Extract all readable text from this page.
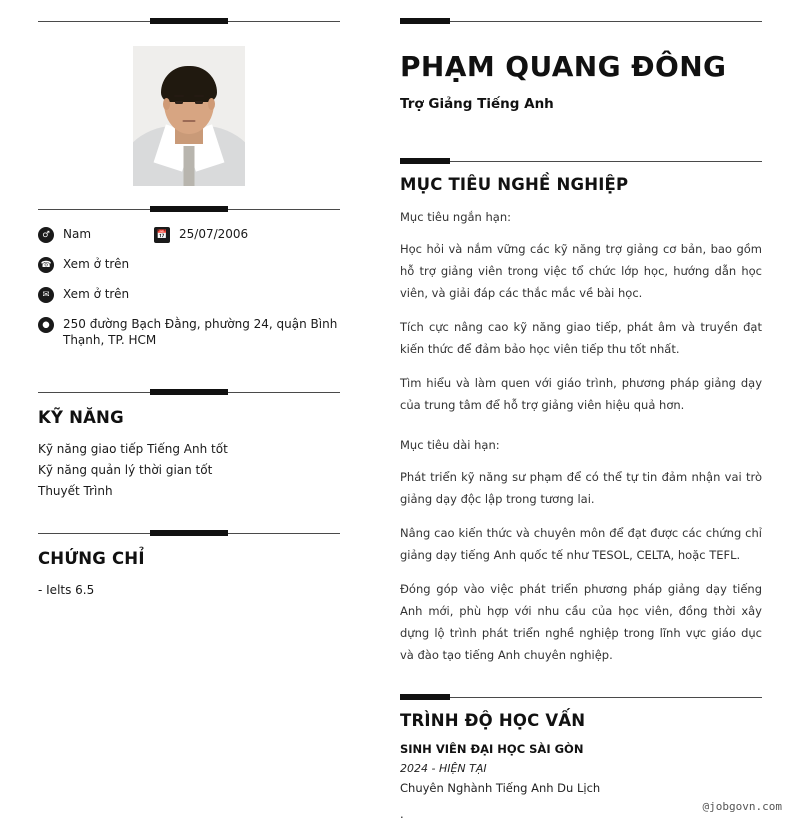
♂	Nam	📅 25/07/2006
☎ Xem ở trên
✉	Xem ở trên
●	250 đường Bạch Đằng, phường 24, quận Bình Thạnh, TP. HCM
KỸ NĂNG
Kỹ năng giao tiếp Tiếng Anh tốt
Kỹ năng quản lý thời gian tốt
Thuyết Trình
CHỨNG CHỈ
- Ielts 6.5
PHẠM QUANG ĐÔNG
Trợ Giảng Tiếng Anh
MỤC TIÊU NGHỀ NGHIỆP
Mục tiêu ngắn hạn:

Học hỏi và nắm vững các kỹ năng trợ giảng cơ bản, bao gồm hỗ trợ giảng viên trong việc tổ chức lớp học, hướng dẫn học viên, và giải đáp các thắc mắc về bài học.

Tích cực nâng cao kỹ năng giao tiếp, phát âm và truyền đạt kiến thức để đảm bảo học viên tiếp thu tốt nhất.

Tìm hiểu và làm quen với giáo trình, phương pháp giảng dạy của trung tâm để hỗ trợ giảng viên hiệu quả hơn.

Mục tiêu dài hạn:

Phát triển kỹ năng sư phạm để có thể tự tin đảm nhận vai trò giảng dạy độc lập trong tương lai.

Nâng cao kiến thức và chuyên môn để đạt được các chứng chỉ giảng dạy tiếng Anh quốc tế như TESOL, CELTA, hoặc TEFL.

Đóng góp vào việc phát triển phương pháp giảng dạy tiếng Anh mới, phù hợp với nhu cầu của học viên, đồng thời xây dựng lộ trình phát triển nghề nghiệp trong lĩnh vực giáo dục và đào tạo tiếng Anh chuyên nghiệp.

TRÌNH ĐỘ HỌC VẤN
SINH VIÊN ĐẠI HỌC SÀI GÒN
2024 - HIỆN TẠI
Chuyên Nghành Tiếng Anh Du Lịch
.
@jobgovn.com
